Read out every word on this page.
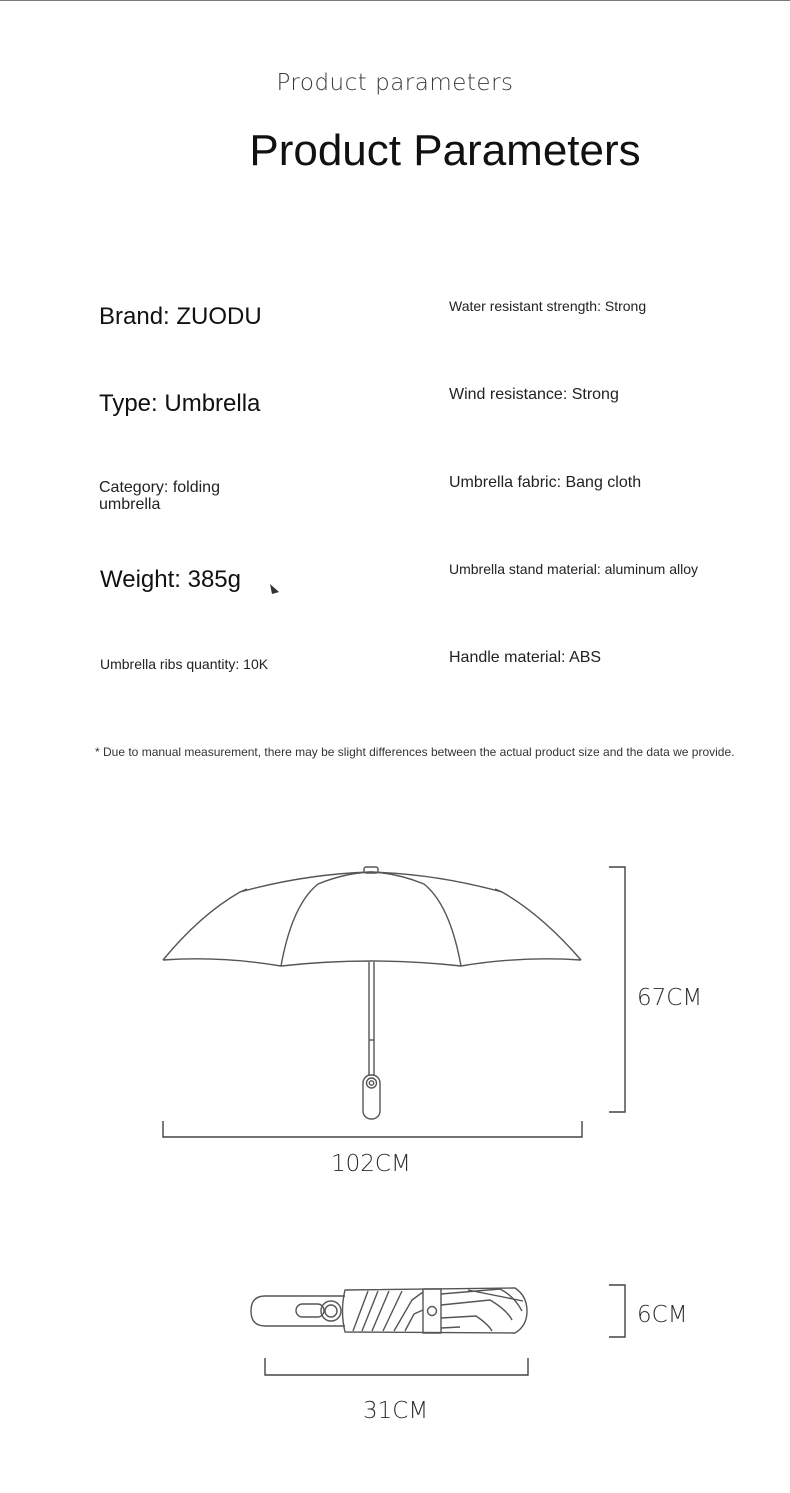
Product parameters
Product Parameters
Brand: ZUODU
Type: Umbrella
Category: folding umbrella
Weight: 385g
Umbrella ribs quantity: 10K
Water resistant strength: Strong
Wind resistance: Strong
Umbrella fabric: Bang cloth
Umbrella stand material: aluminum alloy
Handle material: ABS
* Due to manual measurement, there may be slight differences between the actual product size and the data we provide.
67CM
102CM
6CM
31CM
